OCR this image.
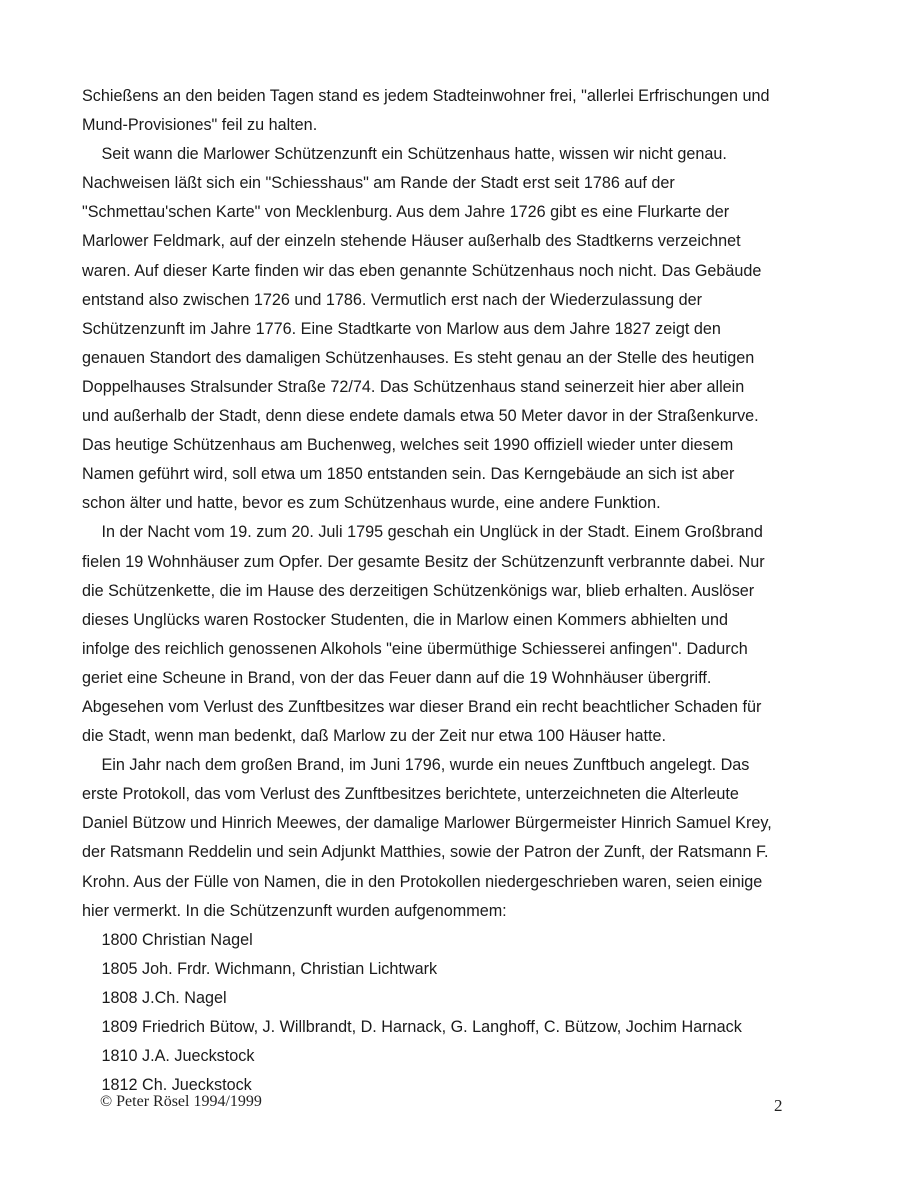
Schießens an den beiden Tagen stand es jedem Stadteinwohner frei, "allerlei Erfrischungen und
Mund-Provisiones" feil zu halten.
Seit wann die Marlower Schützenzunft ein Schützenhaus hatte, wissen wir nicht genau.
Nachweisen läßt sich ein "Schiesshaus" am Rande der Stadt erst seit 1786 auf der
"Schmettau'schen Karte" von Mecklenburg. Aus dem Jahre 1726 gibt es eine Flurkarte der
Marlower Feldmark, auf der einzeln stehende Häuser außerhalb des Stadtkerns verzeichnet
waren. Auf dieser Karte finden wir das eben genannte Schützenhaus noch nicht. Das Gebäude
entstand also zwischen 1726 und 1786. Vermutlich erst nach der Wiederzulassung der
Schützenzunft im Jahre 1776. Eine Stadtkarte von Marlow aus dem Jahre 1827 zeigt den
genauen Standort des damaligen Schützenhauses. Es steht genau an der Stelle des heutigen
Doppelhauses Stralsunder Straße 72/74. Das Schützenhaus stand seinerzeit hier aber allein
und außerhalb der Stadt, denn diese endete damals etwa 50 Meter davor in der Straßenkurve.
Das heutige Schützenhaus am Buchenweg, welches seit 1990 offiziell wieder unter diesem
Namen geführt wird, soll etwa um 1850 entstanden sein. Das Kerngebäude an sich ist aber
schon älter und hatte, bevor es zum Schützenhaus wurde, eine andere Funktion.
In der Nacht vom 19. zum 20. Juli 1795 geschah ein Unglück in der Stadt. Einem Großbrand
fielen 19 Wohnhäuser zum Opfer. Der gesamte Besitz der Schützenzunft verbrannte dabei. Nur
die Schützenkette, die im Hause des derzeitigen Schützenkönigs war, blieb erhalten. Auslöser
dieses Unglücks waren Rostocker Studenten, die in Marlow einen Kommers abhielten und
infolge des reichlich genossenen Alkohols "eine übermüthige Schiesserei anfingen". Dadurch
geriet eine Scheune in Brand, von der das Feuer dann auf die 19 Wohnhäuser übergriff.
Abgesehen vom Verlust des Zunftbesitzes war dieser Brand ein recht beachtlicher Schaden für
die Stadt, wenn man bedenkt, daß Marlow zu der Zeit nur etwa 100 Häuser hatte.
Ein Jahr nach dem großen Brand, im Juni 1796, wurde ein neues Zunftbuch angelegt. Das
erste Protokoll, das vom Verlust des Zunftbesitzes berichtete, unterzeichneten die Alterleute
Daniel Bützow und Hinrich Meewes, der damalige Marlower Bürgermeister Hinrich Samuel Krey,
der Ratsmann Reddelin und sein Adjunkt Matthies, sowie der Patron der Zunft, der Ratsmann F.
Krohn. Aus der Fülle von Namen, die in den Protokollen niedergeschrieben waren, seien einige
hier vermerkt. In die Schützenzunft wurden aufgenommem:
1800 Christian Nagel
1805 Joh. Frdr. Wichmann, Christian Lichtwark
1808 J.Ch. Nagel
1809 Friedrich Bütow, J. Willbrandt, D. Harnack, G. Langhoff, C. Bützow, Jochim Harnack
1810 J.A. Jueckstock
1812 Ch. Jueckstock
© Peter Rösel 1994/1999	2
